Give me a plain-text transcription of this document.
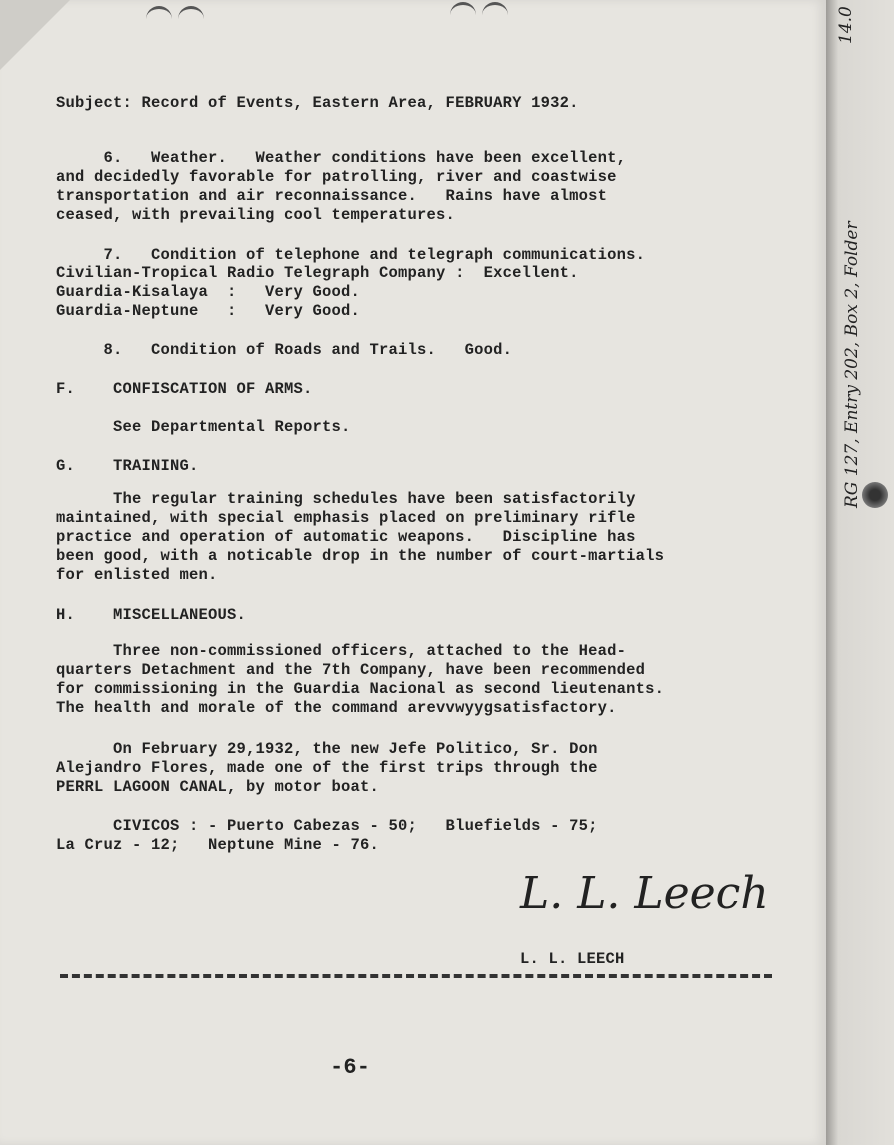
Subject: Record of Events, Eastern Area, FEBRUARY 1932.

6.   Weather.   Weather conditions have been excellent,

and decidedly favorable for patrolling, river and coastwise

transportation and air reconnaissance.   Rains have almost

ceased, with prevailing cool temperatures.

7.   Condition of telephone and telegraph communications.

Civilian-Tropical Radio Telegraph Company :  Excellent.

Guardia-Kisalaya  :   Very Good.

Guardia-Neptune   :   Very Good.

8.   Condition of Roads and Trails.   Good.

F.    CONFISCATION OF ARMS.

See Departmental Reports.

G.    TRAINING.

The regular training schedules have been satisfactorily

maintained, with special emphasis placed on preliminary rifle

practice and operation of automatic weapons.   Discipline has

been good, with a noticable drop in the number of court-martials

for enlisted men.

H.    MISCELLANEOUS.

Three non-commissioned officers, attached to the Head-

quarters Detachment and the 7th Company, have been recommended

for commissioning in the Guardia Nacional as second lieutenants.

The health and morale of the command arevvwyygsatisfactory.

On February 29,1932, the new Jefe Politico, Sr. Don

Alejandro Flores, made one of the first trips through the

PERRL LAGOON CANAL, by motor boat.

CIVICOS : - Puerto Cabezas - 50;   Bluefields - 75;

La Cruz - 12;   Neptune Mine - 76.

L. L. Leech

L. L. LEECH

-6-

14.0

RG 127, Entry 202, Box 2, Folder
